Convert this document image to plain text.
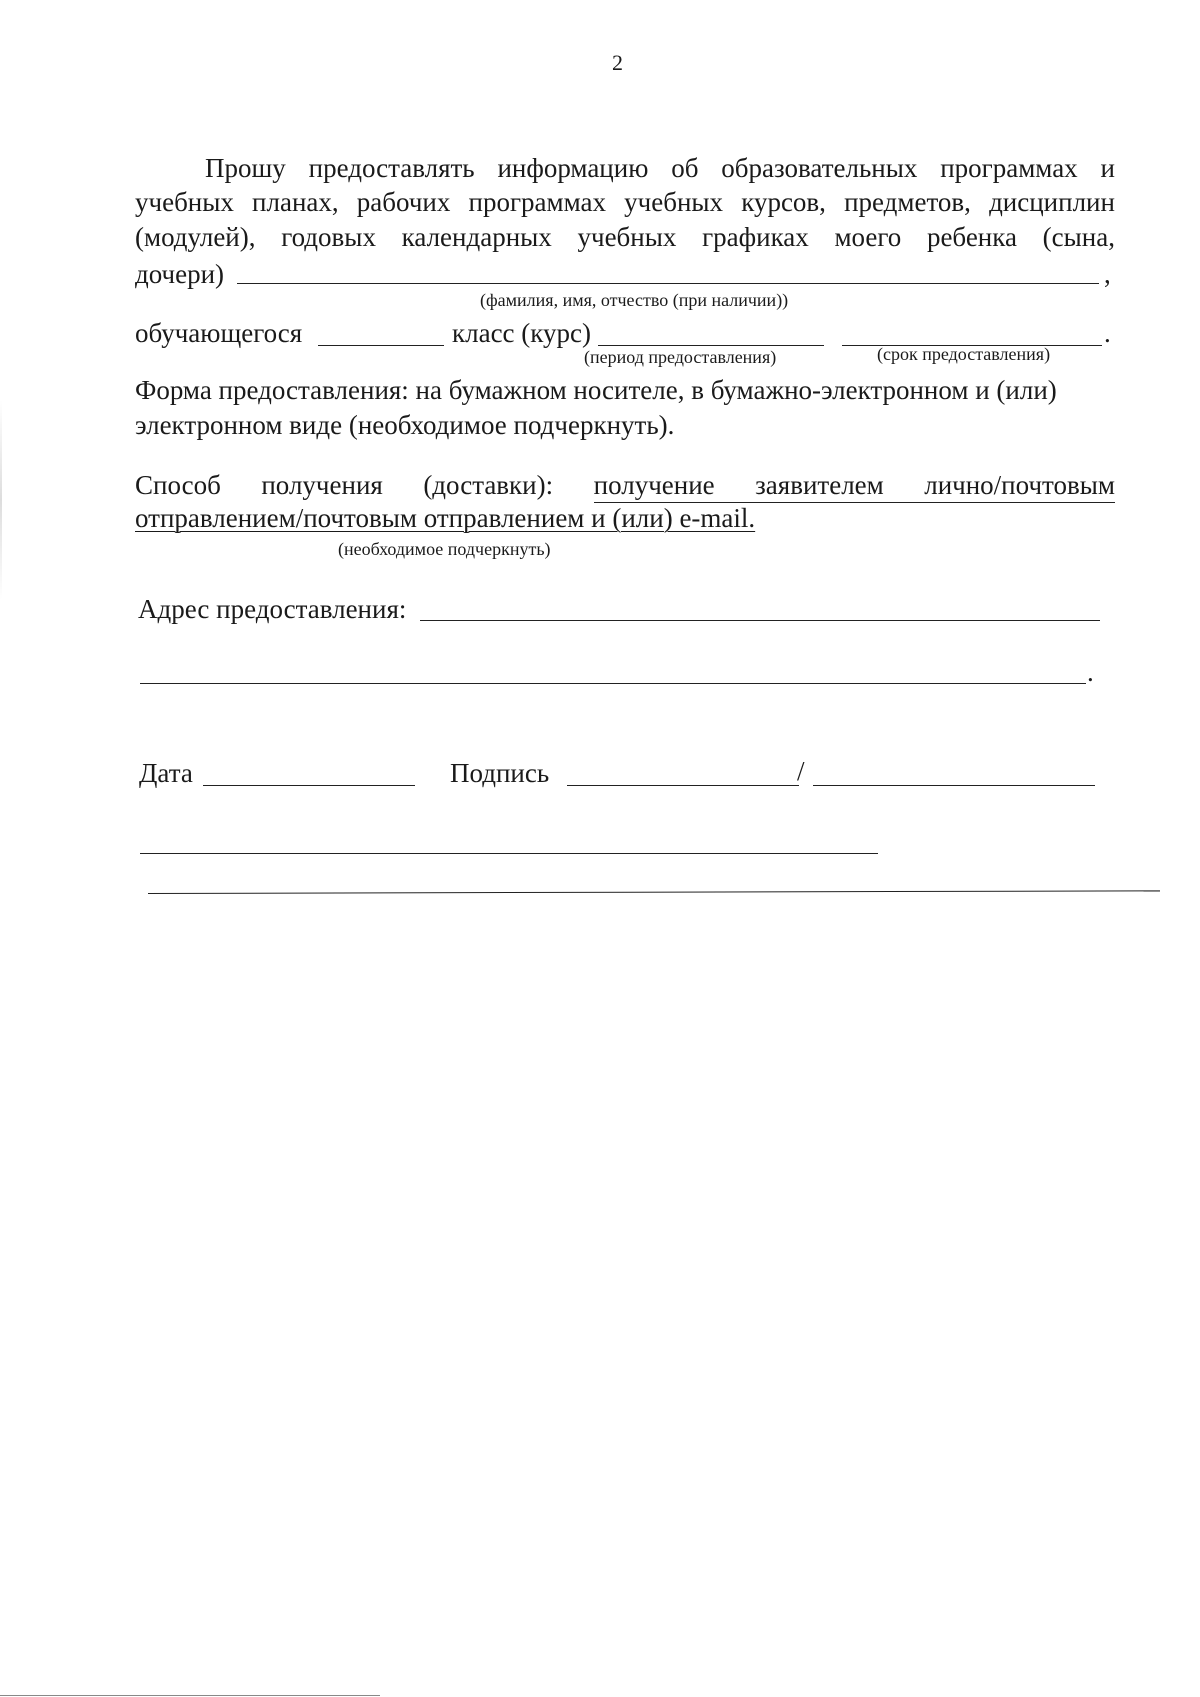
2
Прошу предоставлять информацию об образовательных программах и
учебных планах, рабочих программах учебных курсов, предметов, дисциплин
(модулей), годовых календарных учебных графиках моего ребенка (сына,
дочери)	,
(фамилия, имя, отчество (при наличии))
обучающегося	класс (курс)	.
(период предоставления)	(срок предоставления)
Форма предоставления: на бумажном носителе, в бумажно-электронном и (или)
электронном виде (необходимое подчеркнуть).
Способ получения (доставки): получение заявителем лично/почтовым
отправлением/почтовым отправлением и (или) e-mail.
(необходимое подчеркнуть)
Адрес предоставления:
.
Дата	Подпись	/
